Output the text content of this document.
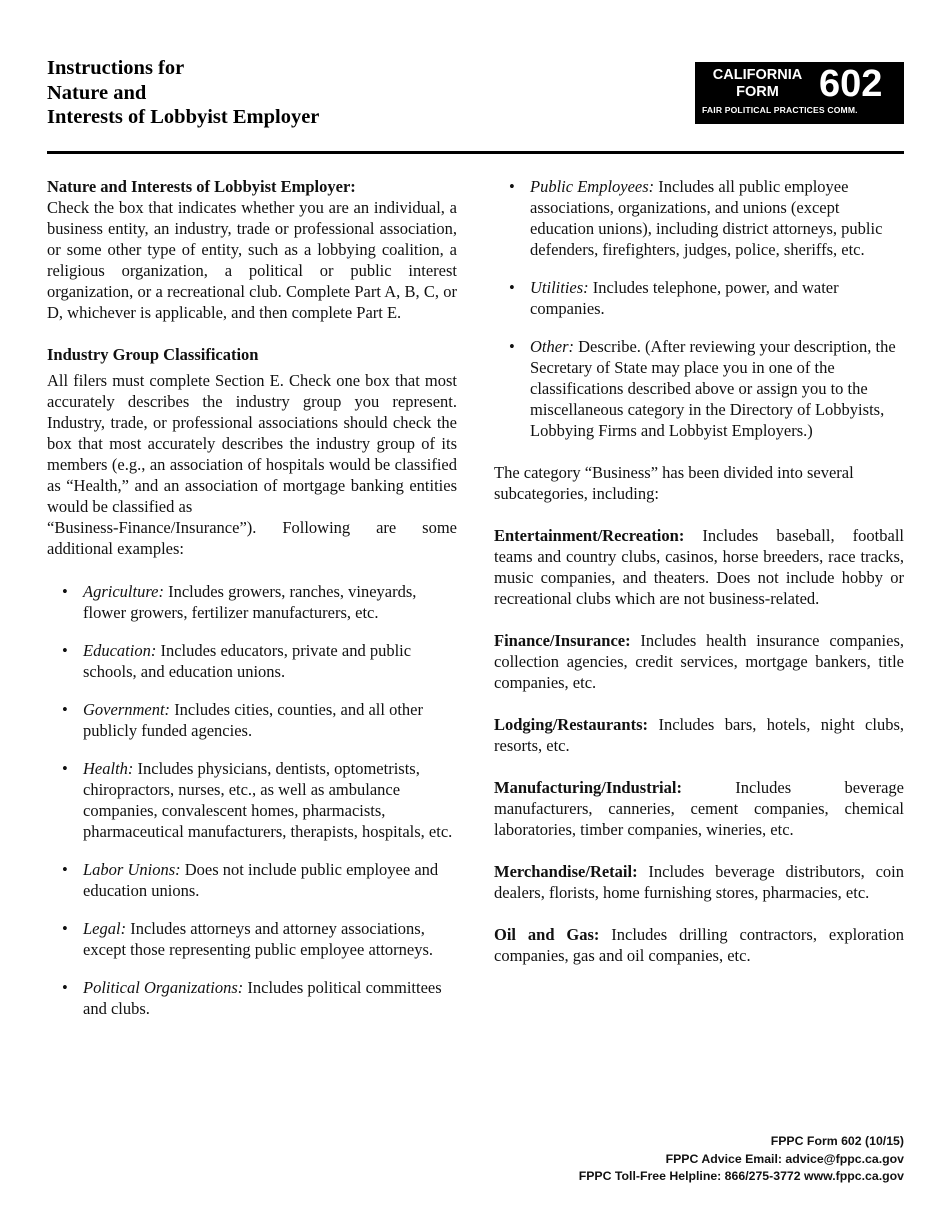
Instructions for
Nature and
Interests of Lobbyist Employer
CALIFORNIA
FORM	602
FAIR POLITICAL PRACTICES COMM.
Nature and Interests of Lobbyist Employer:

Check the box that indicates whether you are an individual, a business entity, an industry, trade or professional association, or some other type of entity, such as a lobbying coalition, a religious organization, a political or public interest organization, or a recreational club. Complete Part A, B, C, or D, whichever is applicable, and then complete Part E.

Industry Group Classification

All filers must complete Section E. Check one box that most accurately describes the industry group you represent. Industry, trade, or professional associations should check the box that most accurately describes the industry group of its members (e.g., an association of hospitals would be classified as “Health,” and an association of mortgage banking entities would be classified as

“Business-Finance/Insurance”). Following are some additional examples:

• Agriculture: Includes growers, ranches, vineyards, flower growers, fertilizer manufacturers, etc.
• Education: Includes educators, private and public schools, and education unions.
• Government: Includes cities, counties, and all other publicly funded agencies.
• Health: Includes physicians, dentists, optometrists, chiropractors, nurses, etc., as well as ambulance companies, convalescent homes, pharmacists, pharmaceutical manufacturers, therapists, hospitals, etc.
• Labor Unions: Does not include public employee and education unions.
• Legal: Includes attorneys and attorney associations, except those representing public employee attorneys.
• Political Organizations: Includes political committees and clubs.
• Public Employees: Includes all public employee associations, organizations, and unions (except education unions), including district attorneys, public defenders, firefighters, judges, police, sheriffs, etc.
• Utilities: Includes telephone, power, and water companies.
• Other: Describe. (After reviewing your description, the Secretary of State may place you in one of the classifications described above or assign you to the miscellaneous category in the Directory of Lobbyists, Lobbying Firms and Lobbyist Employers.)

The category “Business” has been divided into several subcategories, including:

Entertainment/Recreation: Includes baseball, football teams and country clubs, casinos, horse breeders, race tracks, music companies, and theaters. Does not include hobby or recreational clubs which are not business-related.

Finance/Insurance: Includes health insurance companies, collection agencies, credit services, mortgage bankers, title companies, etc.

Lodging/Restaurants: Includes bars, hotels, night clubs, resorts, etc.

Manufacturing/Industrial:	Includes beverage manufacturers, canneries, cement companies, chemical laboratories, timber companies, wineries, etc.

Merchandise/Retail: Includes beverage distributors, coin dealers, florists, home furnishing stores, pharmacies, etc.

Oil and Gas: Includes drilling contractors, exploration companies, gas and oil companies, etc.

FPPC Form 602 (10/15)
FPPC Advice Email: advice@fppc.ca.gov
FPPC Toll-Free Helpline: 866/275-3772 www.fppc.ca.gov
